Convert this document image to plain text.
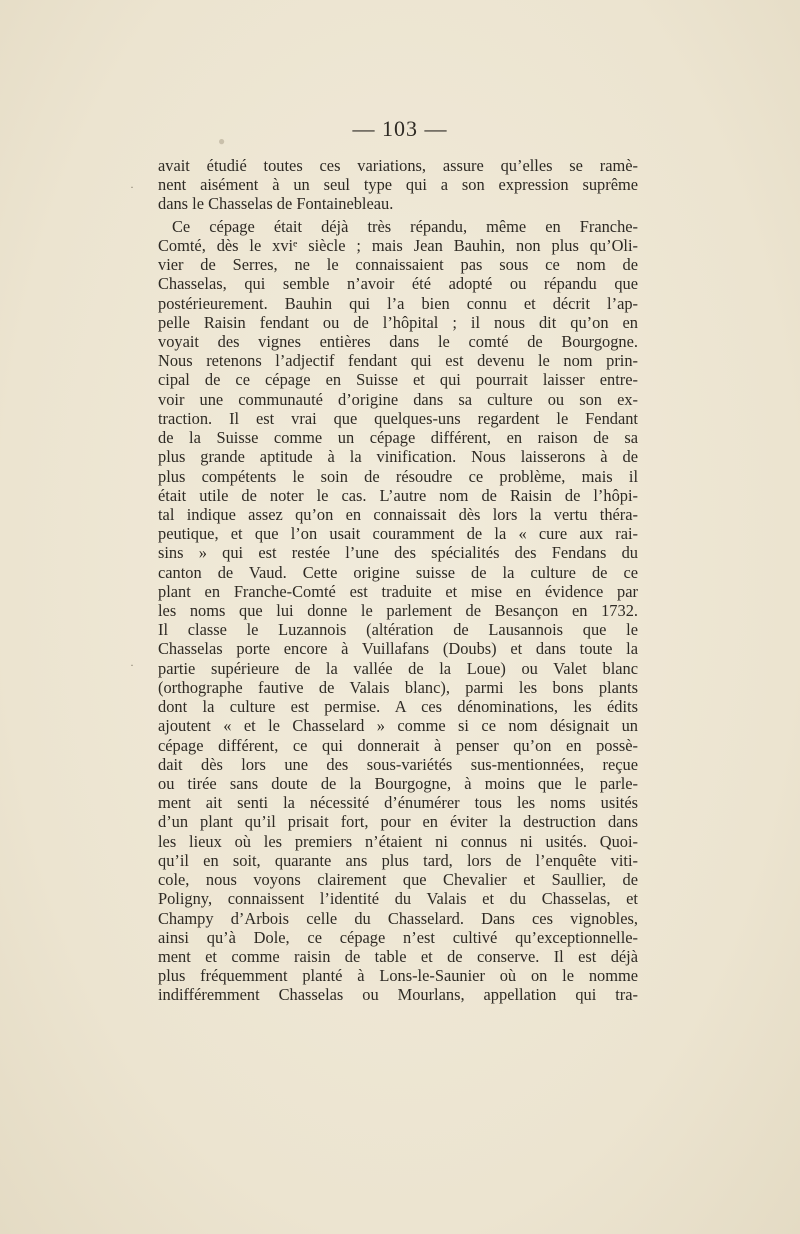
— 103 —
avait étudié toutes ces variations, assure qu’elles se ramè-
nent aisément à un seul type qui a son expression suprême
dans le Chasselas de Fontainebleau.
Ce cépage était déjà très répandu, même en Franche-
Comté, dès le xviᵉ siècle ; mais Jean Bauhin, non plus qu’Oli-
vier de Serres, ne le connaissaient pas sous ce nom de
Chasselas, qui semble n’avoir été adopté ou répandu que
postérieurement. Bauhin qui l’a bien connu et décrit l’ap-
pelle Raisin fendant ou de l’hôpital ; il nous dit qu’on en
voyait des vignes entières dans le comté de Bourgogne.
Nous retenons l’adjectif fendant qui est devenu le nom prin-
cipal de ce cépage en Suisse et qui pourrait laisser entre-
voir une communauté d’origine dans sa culture ou son ex-
traction. Il est vrai que quelques-uns regardent le Fendant
de la Suisse comme un cépage différent, en raison de sa
plus grande aptitude à la vinification. Nous laisserons à de
plus compétents le soin de résoudre ce problème, mais il
était utile de noter le cas. L’autre nom de Raisin de l’hôpi-
tal indique assez qu’on en connaissait dès lors la vertu théra-
peutique, et que l’on usait couramment de la « cure aux rai-
sins » qui est restée l’une des spécialités des Fendans du
canton de Vaud. Cette origine suisse de la culture de ce
plant en Franche-Comté est traduite et mise en évidence par
les noms que lui donne le parlement de Besançon en 1732.
Il classe le Luzannois (altération de Lausannois que le
Chasselas porte encore à Vuillafans (Doubs) et dans toute la
partie supérieure de la vallée de la Loue) ou Valet blanc
(orthographe fautive de Valais blanc), parmi les bons plants
dont la culture est permise. A ces dénominations, les édits
ajoutent « et le Chasselard » comme si ce nom désignait un
cépage différent, ce qui donnerait à penser qu’on en possè-
dait dès lors une des sous-variétés sus-mentionnées, reçue
ou tirée sans doute de la Bourgogne, à moins que le parle-
ment ait senti la nécessité d’énumérer tous les noms usités
d’un plant qu’il prisait fort, pour en éviter la destruction dans
les lieux où les premiers n’étaient ni connus ni usités. Quoi-
qu’il en soit, quarante ans plus tard, lors de l’enquête viti-
cole, nous voyons clairement que Chevalier et Saullier, de
Poligny, connaissent l’identité du Valais et du Chasselas, et
Champy d’Arbois celle du Chasselard. Dans ces vignobles,
ainsi qu’à Dole, ce cépage n’est cultivé qu’exceptionnelle-
ment et comme raisin de table et de conserve. Il est déjà
plus fréquemment planté à Lons-le-Saunier où on le nomme
indifféremment Chasselas ou Mourlans, appellation qui tra-
·
·
●
